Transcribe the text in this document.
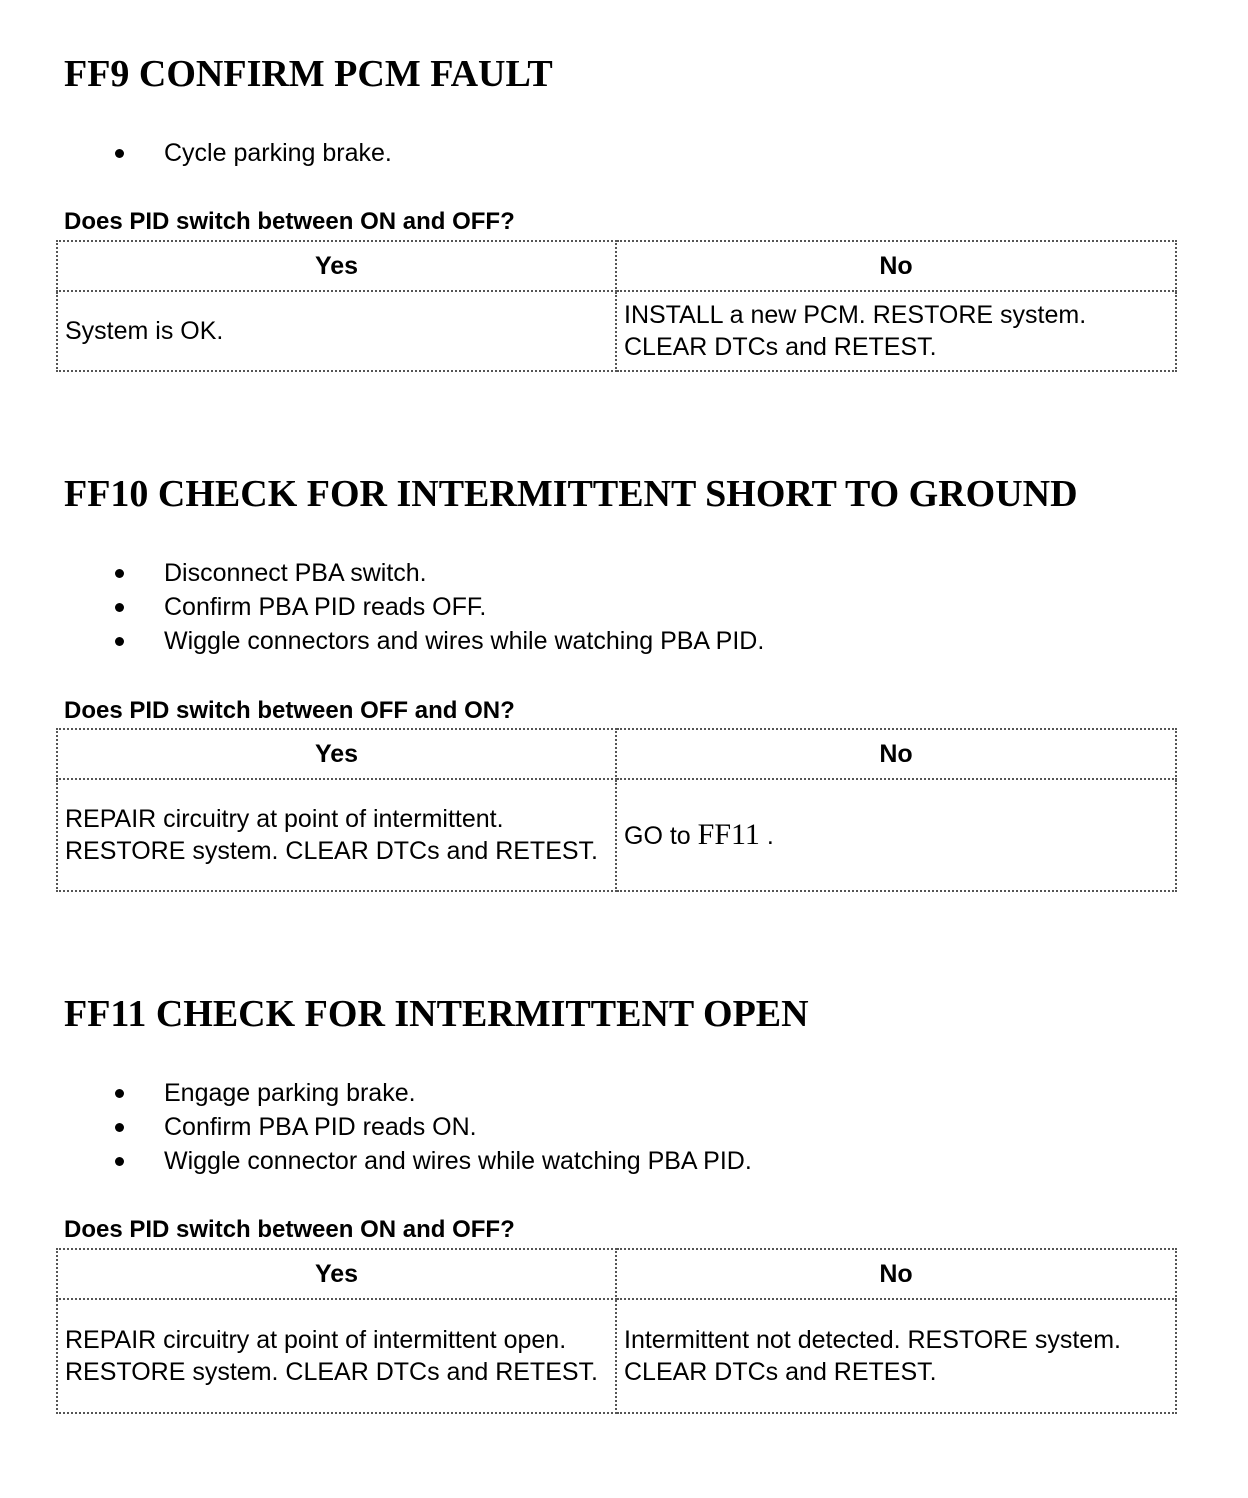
FF9 CONFIRM PCM FAULT
Cycle parking brake.

Does PID switch between ON and OFF?

Yes	No
System is OK.	INSTALL a new PCM. RESTORE system. CLEAR DTCs and RETEST.
FF10 CHECK FOR INTERMITTENT SHORT TO GROUND
Disconnect PBA switch.
Confirm PBA PID reads OFF.
Wiggle connectors and wires while watching PBA PID.

Does PID switch between OFF and ON?

Yes	No
REPAIR circuitry at point of intermittent. RESTORE system. CLEAR DTCs and RETEST.	GO to FF11 .
FF11 CHECK FOR INTERMITTENT OPEN
Engage parking brake.
Confirm PBA PID reads ON.
Wiggle connector and wires while watching PBA PID.

Does PID switch between ON and OFF?

Yes	No
REPAIR circuitry at point of intermittent open. RESTORE system. CLEAR DTCs and RETEST.	Intermittent not detected. RESTORE system. CLEAR DTCs and RETEST.
